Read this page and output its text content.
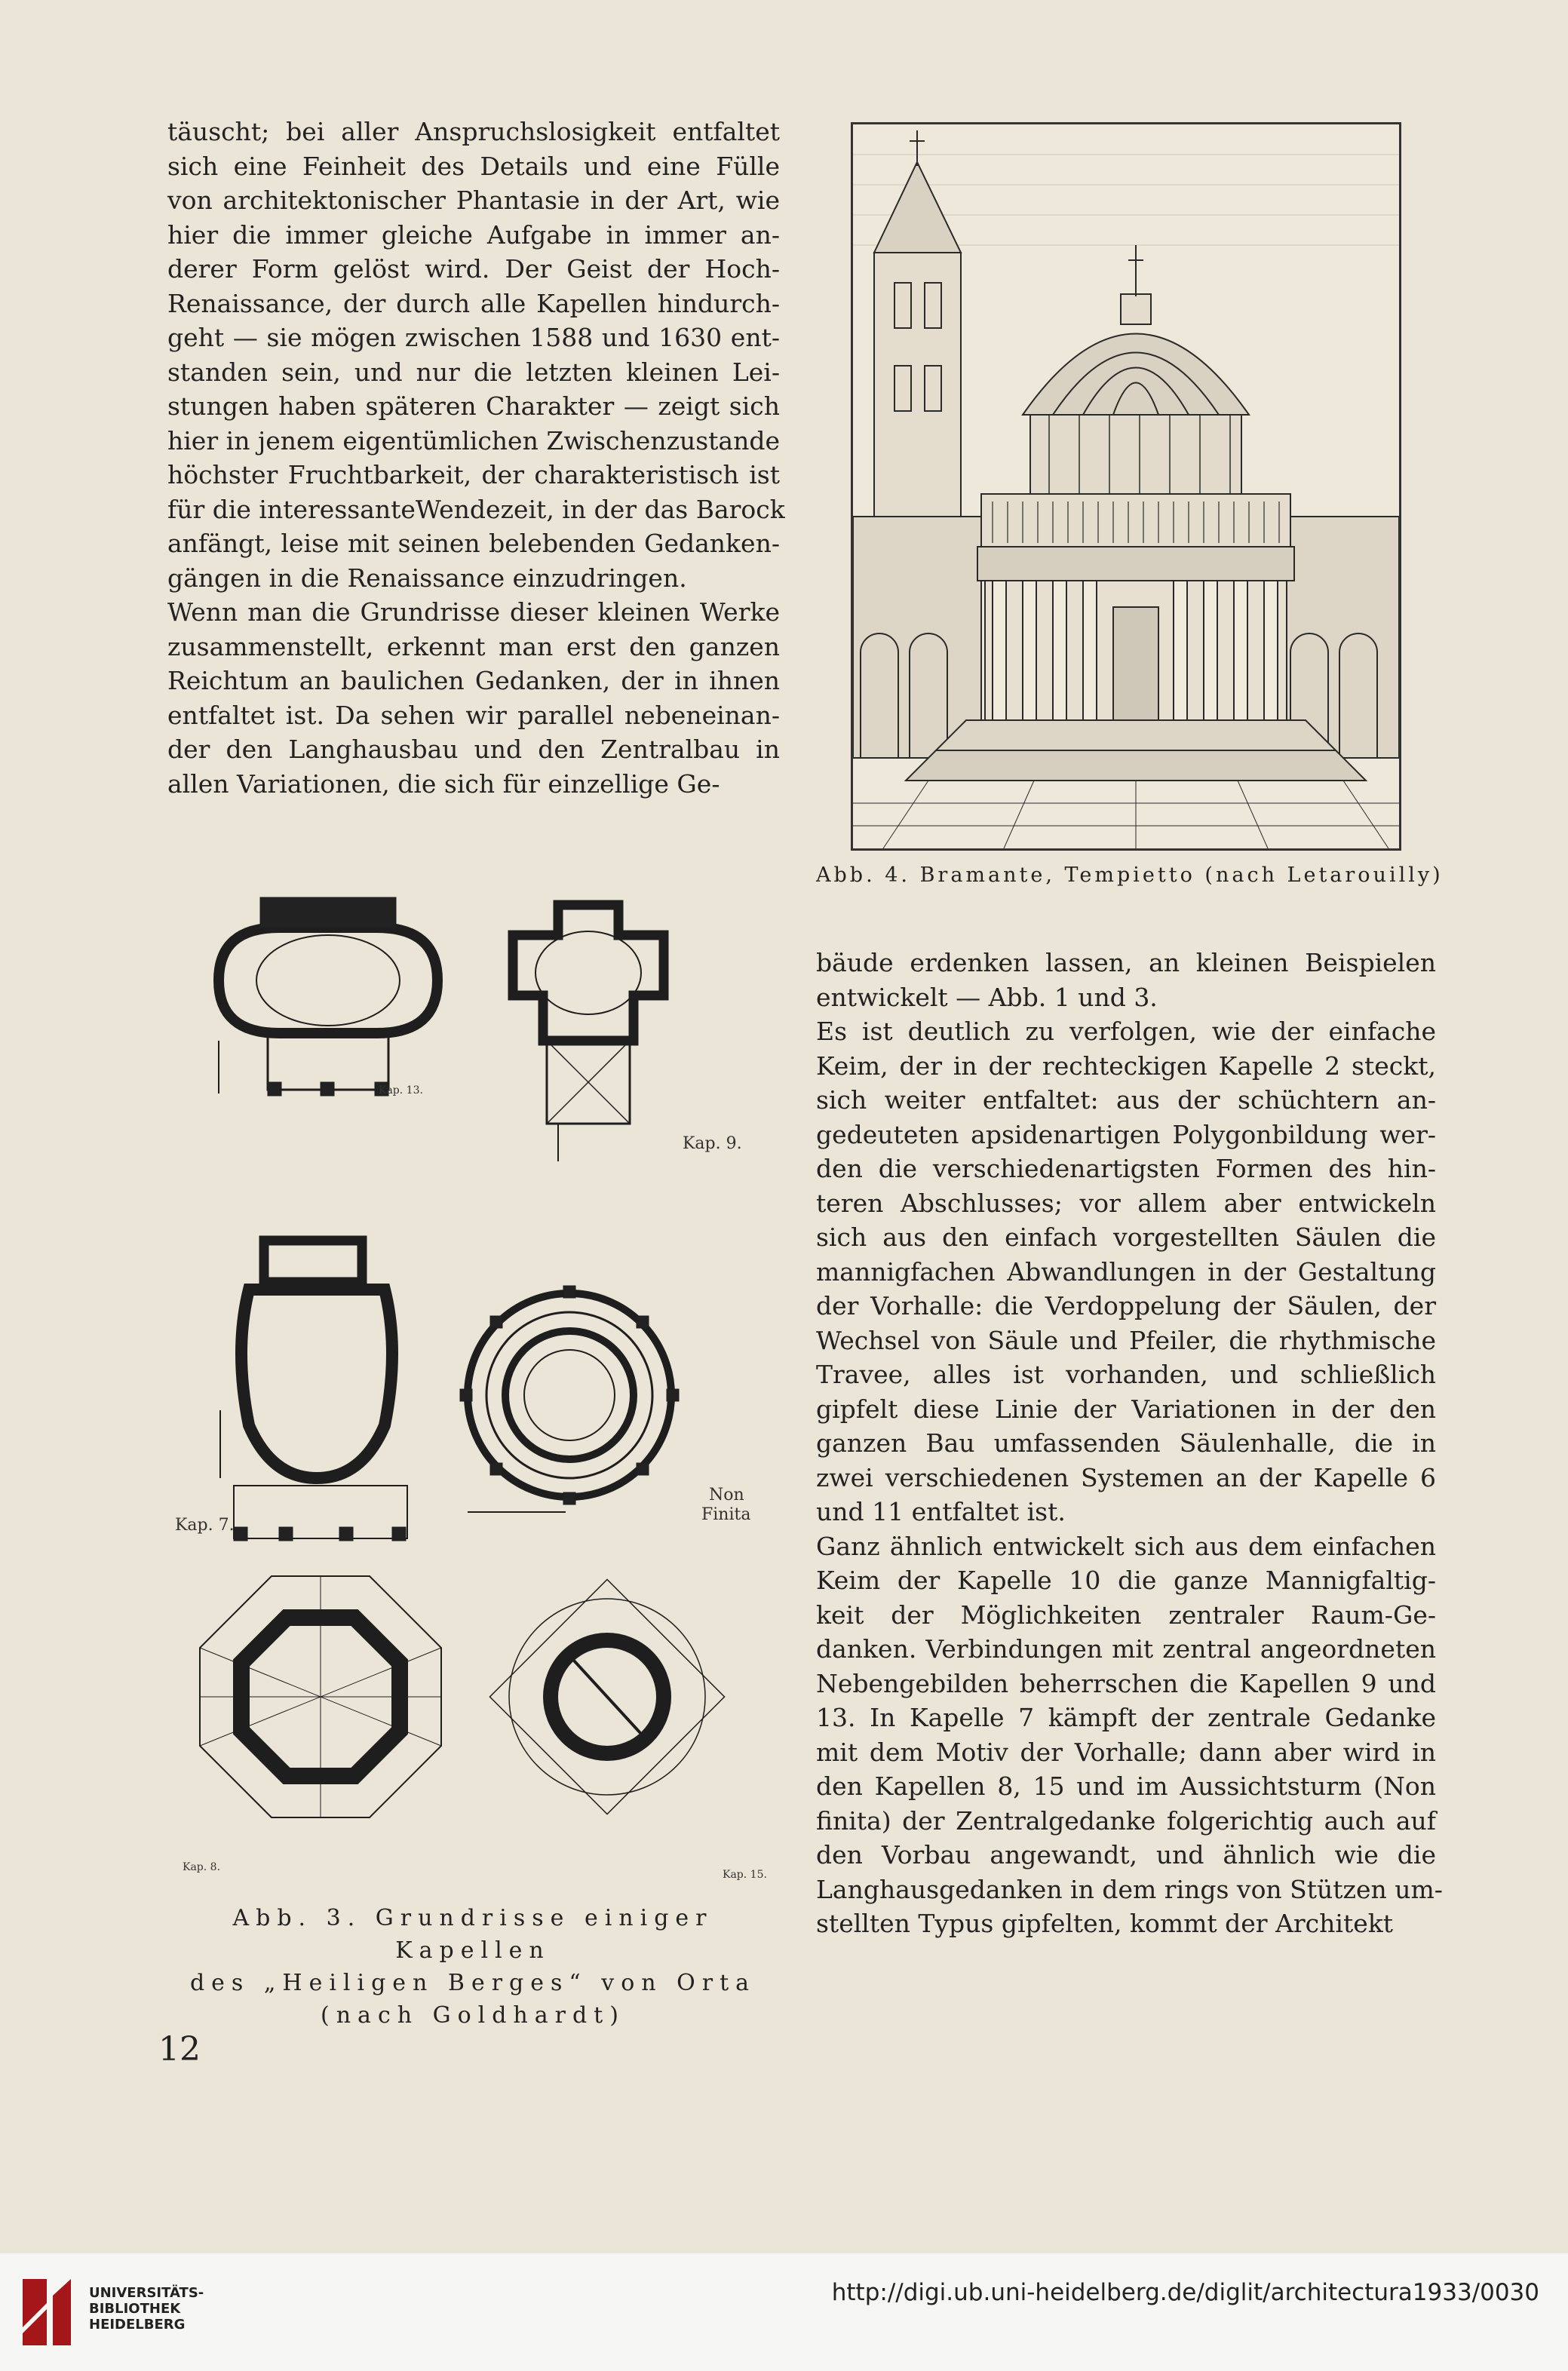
täuscht; bei aller Anspruchslosigkeit entfaltet
sich eine Feinheit des Details und eine Fülle
von architektonischer Phantasie in der Art, wie
hier die immer gleiche Aufgabe in immer an-
derer Form gelöst wird. Der Geist der Hoch-
Renaissance, der durch alle Kapellen hindurch-
geht — sie mögen zwischen 1588 und 1630 ent-
standen sein, und nur die letzten kleinen Lei-
stungen haben späteren Charakter — zeigt sich
hier in jenem eigentümlichen Zwischenzustande
höchster Fruchtbarkeit, der charakteristisch ist
für die interessanteWendezeit, in der das Barock
anfängt, leise mit seinen belebenden Gedanken-
gängen in die Renaissance einzudringen.
Wenn man die Grundrisse dieser kleinen Werke
zusammenstellt, erkennt man erst den ganzen
Reichtum an baulichen Gedanken, der in ihnen
entfaltet ist. Da sehen wir parallel nebeneinan-
der den Langhausbau und den Zentralbau in
allen Variationen, die sich für einzellige Ge-
Abb. 4. Bramante, Tempietto (nach Letarouilly)
bäude erdenken lassen, an kleinen Beispielen
entwickelt — Abb. 1 und 3.
Es ist deutlich zu verfolgen, wie der einfache
Keim, der in der rechteckigen Kapelle 2 steckt,
sich weiter entfaltet: aus der schüchtern an-
gedeuteten apsidenartigen Polygonbildung wer-
den die verschiedenartigsten Formen des hin-
teren Abschlusses; vor allem aber entwickeln
sich aus den einfach vorgestellten Säulen die
mannigfachen Abwandlungen in der Gestaltung
der Vorhalle: die Verdoppelung der Säulen, der
Wechsel von Säule und Pfeiler, die rhythmische
Travee, alles ist vorhanden, und schließlich
gipfelt diese Linie der Variationen in der den
ganzen Bau umfassenden Säulenhalle, die in
zwei verschiedenen Systemen an der Kapelle 6
und 11 entfaltet ist.
Ganz ähnlich entwickelt sich aus dem einfachen
Keim der Kapelle 10 die ganze Mannigfaltig-
keit der Möglichkeiten zentraler Raum-Ge-
danken. Verbindungen mit zentral angeordneten
Nebengebilden beherrschen die Kapellen 9 und
13. In Kapelle 7 kämpft der zentrale Gedanke
mit dem Motiv der Vorhalle; dann aber wird in
den Kapellen 8, 15 und im Aussichtsturm (Non
finita) der Zentralgedanke folgerichtig auch auf
den Vorbau angewandt, und ähnlich wie die
Langhausgedanken in dem rings von Stützen um-
stellten Typus gipfelten, kommt der Architekt
Kap. 13.
Kap. 9.
Kap. 7.
Non
Finita
Kap. 8.
Kap. 15.
Abb. 3. Grundrisse einiger Kapellen
des „Heiligen Berges“ von Orta
(nach Goldhardt)
12
UNIVERSITÄTS-
BIBLIOTHEK
HEIDELBERG
http://digi.ub.uni-heidelberg.de/diglit/architectura1933/0030
